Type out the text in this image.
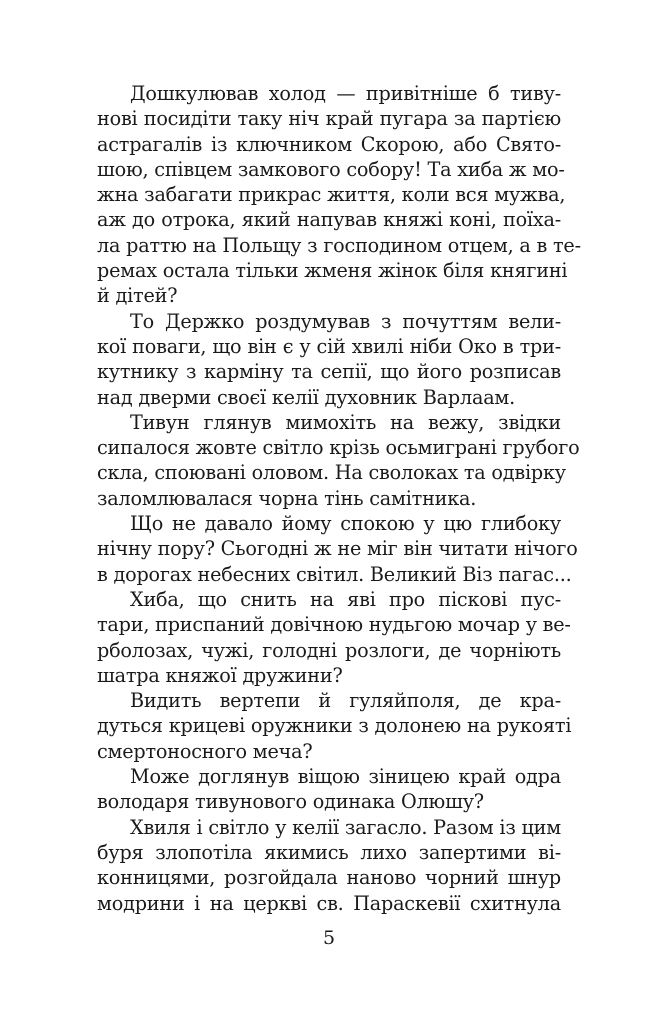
Дошкулював холод — привітніше б тиву-
нові посидіти таку ніч край пугара за партією
астрагалів із ключником Скорою, або Свято-
шою, співцем замкового собору! Та хиба ж мо-
жна забагати прикрас життя, коли вся мужва,
аж до отрока, який напував княжі коні, поїха-
ла раттю на Польщу з господином отцем, а в те-
ремах остала тільки жменя жінок біля княгині
й дітей?
То Держко роздумував з почуттям вели-
кої поваги, що він є у сій хвилі ніби Око в три-
кутнику з карміну та сепії, що його розписав
над дверми своєї келії духовник Варлаам.
Тивун глянув мимохіть на вежу, звідки
сипалося жовте світло крізь осьмиграні грубого
скла, споювані оловом. На сволоках та одвірку
заломлювалася чорна тінь самітника.
Що не давало йому спокою у цю глибоку
нічну пору? Сьогодні ж не міг він читати нічого
в дорогах небесних світил. Великий Віз пагас...
Хиба, що снить на яві про піскові пус-
тари, приспаний довічною нудьгою мочар у ве-
рболозах, чужі, голодні розлоги, де чорніють
шатра княжої дружини?
Видить вертепи й гуляйполя, де кра-
дуться крицеві оружники з долонею на рукояті
смертоносного меча?
Може доглянув віщою зіницею край одра
володаря тивунового одинака Олюшу?
Хвиля і світло у келії загасло. Разом із цим
буря злопотіла якимись лихо запертими ві-
конницями, розгойдала наново чорний шнур
модрини і на церкві св. Параскевії схитнула
5
